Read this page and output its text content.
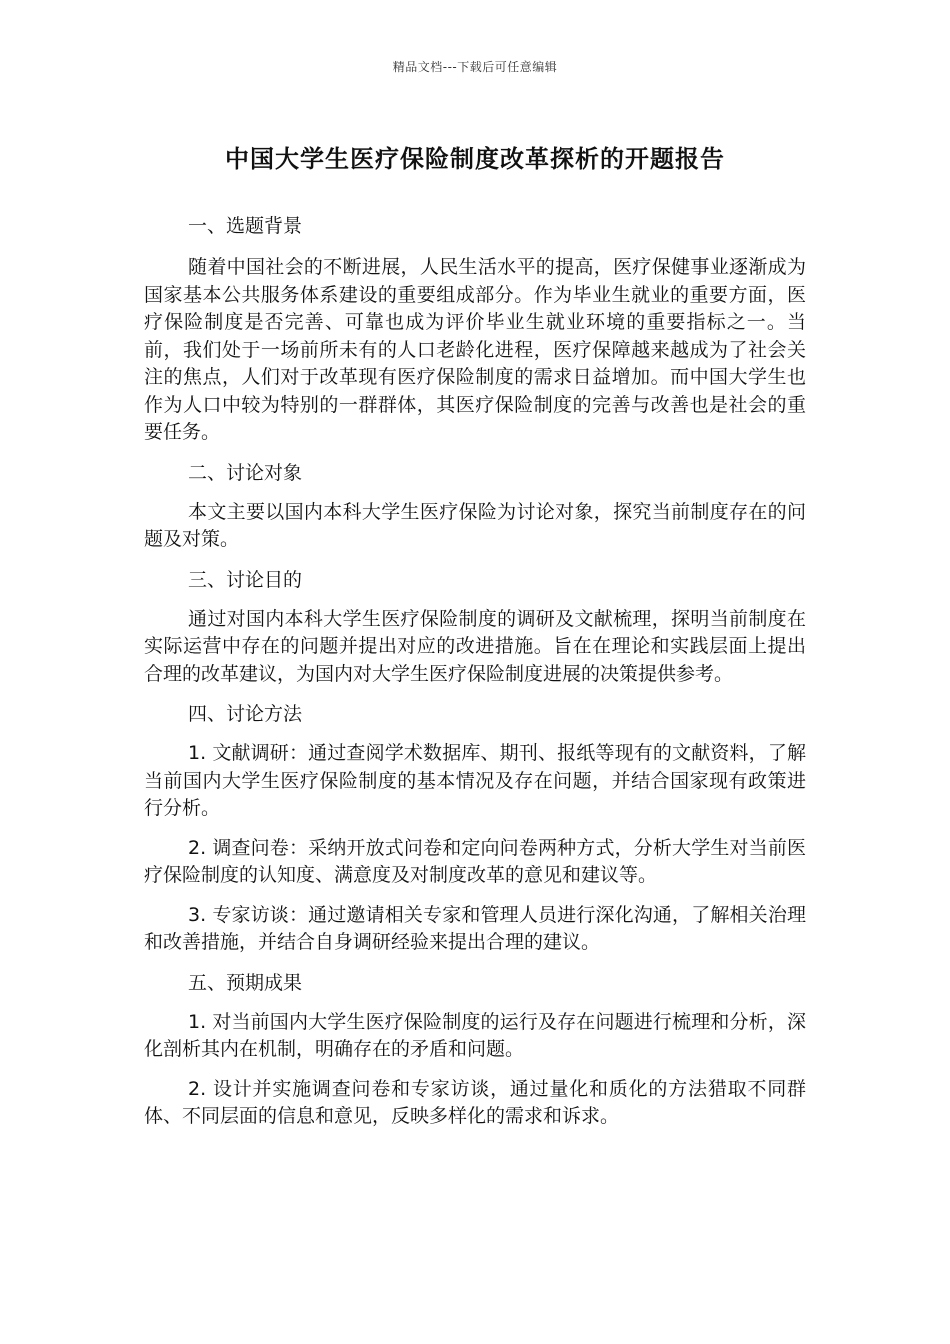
精品文档---下载后可任意编辑
中国大学生医疗保险制度改革探析的开题报告
一、选题背景

随着中国社会的不断进展，人民生活水平的提高，医疗保健事业逐渐成为国家基本公共服务体系建设的重要组成部分。作为毕业生就业的重要方面，医疗保险制度是否完善、可靠也成为评价毕业生就业环境的重要指标之一。当前，我们处于一场前所未有的人口老龄化进程，医疗保障越来越成为了社会关注的焦点，人们对于改革现有医疗保险制度的需求日益增加。而中国大学生也作为人口中较为特别的一群群体，其医疗保险制度的完善与改善也是社会的重要任务。

二、讨论对象

本文主要以国内本科大学生医疗保险为讨论对象，探究当前制度存在的问题及对策。

三、讨论目的

通过对国内本科大学生医疗保险制度的调研及文献梳理，探明当前制度在实际运营中存在的问题并提出对应的改进措施。旨在在理论和实践层面上提出合理的改革建议，为国内对大学生医疗保险制度进展的决策提供参考。

四、讨论方法

1. 文献调研：通过查阅学术数据库、期刊、报纸等现有的文献资料，了解当前国内大学生医疗保险制度的基本情况及存在问题，并结合国家现有政策进行分析。

2. 调查问卷：采纳开放式问卷和定向问卷两种方式，分析大学生对当前医疗保险制度的认知度、满意度及对制度改革的意见和建议等。

3. 专家访谈：通过邀请相关专家和管理人员进行深化沟通，了解相关治理和改善措施，并结合自身调研经验来提出合理的建议。

五、预期成果

1. 对当前国内大学生医疗保险制度的运行及存在问题进行梳理和分析，深化剖析其内在机制，明确存在的矛盾和问题。

2. 设计并实施调查问卷和专家访谈，通过量化和质化的方法猎取不同群体、不同层面的信息和意见，反映多样化的需求和诉求。
